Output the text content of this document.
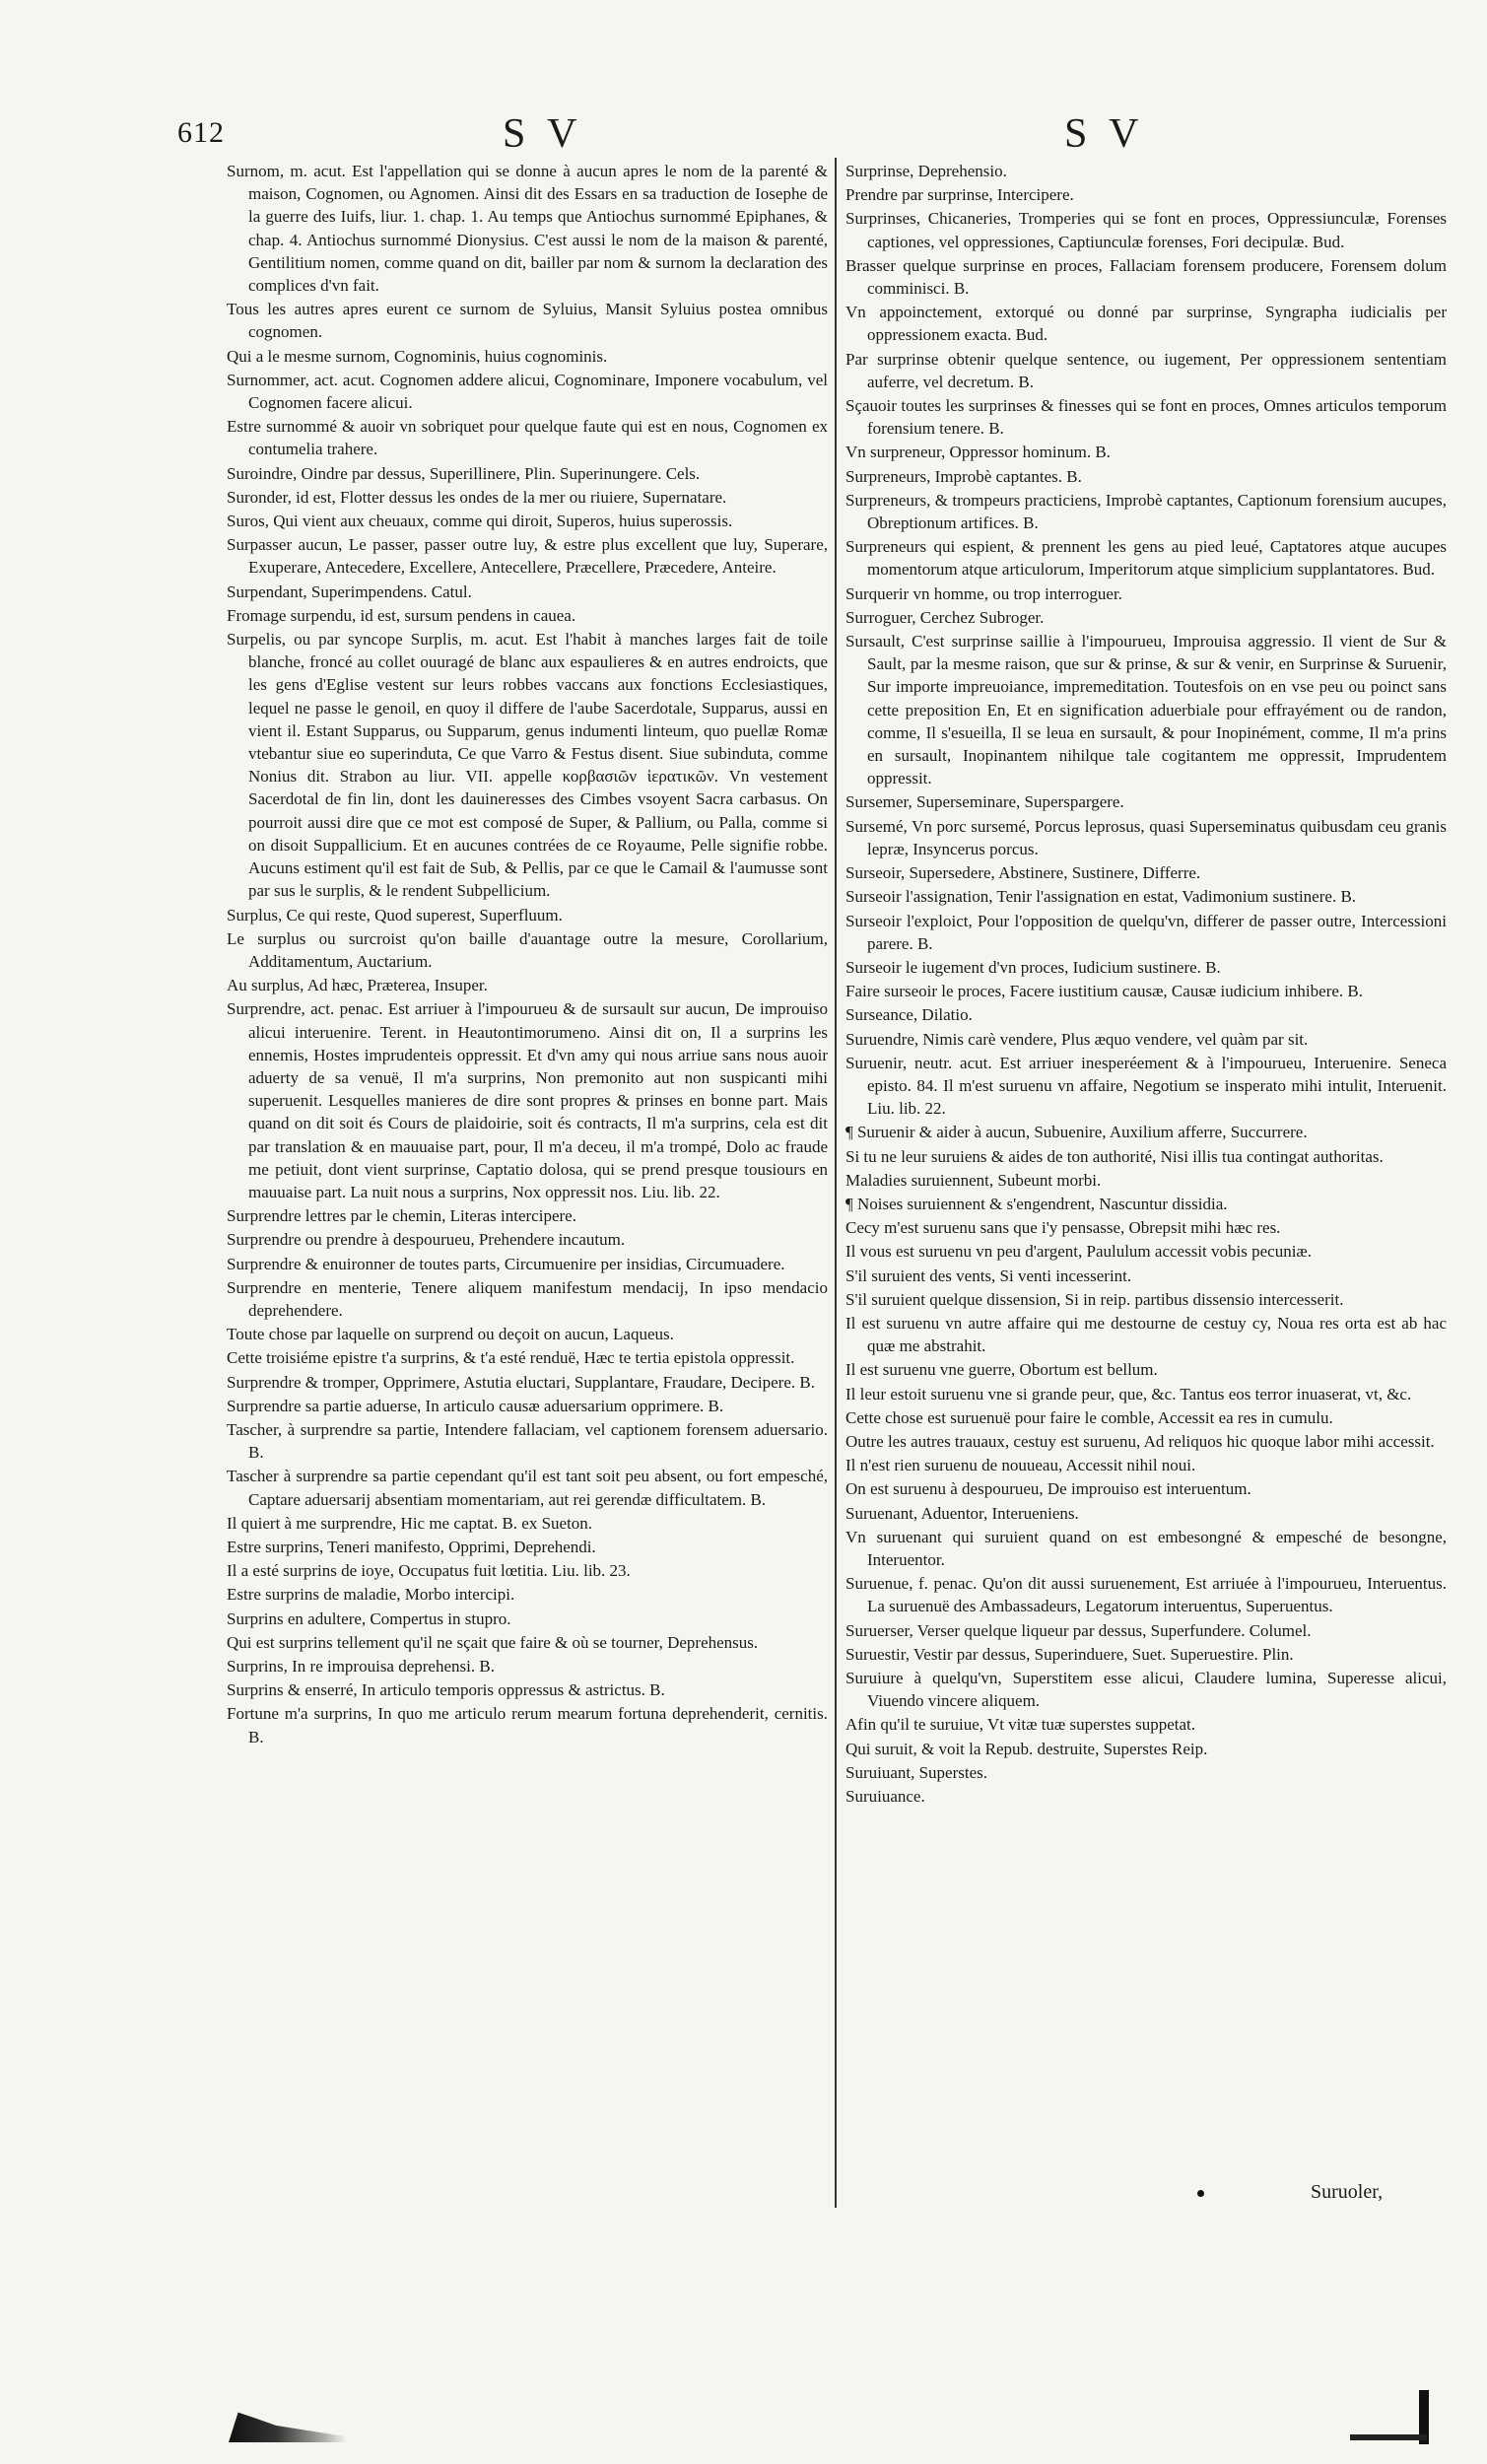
612	S V	S V

Surnom, m. acut. Est l'appellation qui se donne à aucun apres le nom de la parenté & maison, Cognomen, ou Agnomen. Ainsi dit des Essars en sa traduction de Iosephe de la guerre des Iuifs, liur. 1. chap. 1. Au temps que Antiochus surnommé Epiphanes, & chap. 4. Antiochus surnommé Dionysius. C'est aussi le nom de la maison & parenté, Gentilitium nomen, comme quand on dit, bailler par nom & surnom la declaration des complices d'vn fait.

Tous les autres apres eurent ce surnom de Syluius, Mansit Syluius postea omnibus cognomen.

Qui a le mesme surnom, Cognominis, huius cognominis.

Surnommer, act. acut. Cognomen addere alicui, Cognominare, Imponere vocabulum, vel Cognomen facere alicui.

Estre surnommé & auoir vn sobriquet pour quelque faute qui est en nous, Cognomen ex contumelia trahere.

Suroindre, Oindre par dessus, Superillinere, Plin. Superinungere. Cels.

Suronder, id est, Flotter dessus les ondes de la mer ou riuiere, Supernatare.

Suros, Qui vient aux cheuaux, comme qui diroit, Superos, huius superossis.

Surpasser aucun, Le passer, passer outre luy, & estre plus excellent que luy, Superare, Exuperare, Antecedere, Excellere, Antecellere, Præcellere, Præcedere, Anteire.

Surpendant, Superimpendens. Catul.

Fromage surpendu, id est, sursum pendens in cauea.

Surpelis, ou par syncope Surplis, m. acut. Est l'habit à manches larges fait de toile blanche, froncé au collet ouuragé de blanc aux espaulieres & en autres endroicts, que les gens d'Eglise vestent sur leurs robbes vaccans aux fonctions Ecclesiastiques, lequel ne passe le genoil, en quoy il differe de l'aube Sacerdotale, Supparus, aussi en vient il. Estant Supparus, ou Supparum, genus indumenti linteum, quo puellæ Romæ vtebantur siue eo superinduta, Ce que Varro & Festus disent. Siue subinduta, comme Nonius dit. Strabon au liur. VII. appelle κορβασιῶν ἱερατικῶν. Vn vestement Sacerdotal de fin lin, dont les dauineresses des Cimbes vsoyent Sacra carbasus. On pourroit aussi dire que ce mot est composé de Super, & Pallium, ou Palla, comme si on disoit Suppallicium. Et en aucunes contrées de ce Royaume, Pelle signifie robbe. Aucuns estiment qu'il est fait de Sub, & Pellis, par ce que le Camail & l'aumusse sont par sus le surplis, & le rendent Subpellicium.

Surplus, Ce qui reste, Quod superest, Superfluum.

Le surplus ou surcroist qu'on baille d'auantage outre la mesure, Corollarium, Additamentum, Auctarium.

Au surplus, Ad hæc, Præterea, Insuper.

Surprendre, act. penac. Est arriuer à l'impourueu & de sursault sur aucun, De improuiso alicui interuenire. Terent. in Heautontimorumeno. Ainsi dit on, Il a surprins les ennemis, Hostes imprudenteis oppressit. Et d'vn amy qui nous arriue sans nous auoir aduerty de sa venuë, Il m'a surprins, Non premonito aut non suspicanti mihi superuenit. Lesquelles manieres de dire sont propres & prinses en bonne part. Mais quand on dit soit és Cours de plaidoirie, soit és contracts, Il m'a surprins, cela est dit par translation & en mauuaise part, pour, Il m'a deceu, il m'a trompé, Dolo ac fraude me petiuit, dont vient surprinse, Captatio dolosa, qui se prend presque tousiours en mauuaise part. La nuit nous a surprins, Nox oppressit nos. Liu. lib. 22.

Surprendre lettres par le chemin, Literas intercipere.

Surprendre ou prendre à despourueu, Prehendere incautum.

Surprendre & enuironner de toutes parts, Circumuenire per insidias, Circumuadere.

Surprendre en menterie, Tenere aliquem manifestum mendacij, In ipso mendacio deprehendere.

Toute chose par laquelle on surprend ou deçoit on aucun, Laqueus.

Cette troisiéme epistre t'a surprins, & t'a esté renduë, Hæc te tertia epistola oppressit.

Surprendre & tromper, Opprimere, Astutia eluctari, Supplantare, Fraudare, Decipere. B.

Surprendre sa partie aduerse, In articulo causæ aduersarium opprimere. B.

Tascher, à surprendre sa partie, Intendere fallaciam, vel captionem forensem aduersario. B.

Tascher à surprendre sa partie cependant qu'il est tant soit peu absent, ou fort empesché, Captare aduersarij absentiam momentariam, aut rei gerendæ difficultatem. B.

Il quiert à me surprendre, Hic me captat. B. ex Sueton.

Estre surprins, Teneri manifesto, Opprimi, Deprehendi.

Il a esté surprins de ioye, Occupatus fuit lœtitia. Liu. lib. 23.

Estre surprins de maladie, Morbo intercipi.

Surprins en adultere, Compertus in stupro.

Qui est surprins tellement qu'il ne sçait que faire & où se tourner, Deprehensus.

Surprins, In re improuisa deprehensi. B.

Surprins & enserré, In articulo temporis oppressus & astrictus. B.

Fortune m'a surprins, In quo me articulo rerum mearum fortuna deprehenderit, cernitis. B.

Surprinse, Deprehensio.

Prendre par surprinse, Intercipere.

Surprinses, Chicaneries, Tromperies qui se font en proces, Oppressiunculæ, Forenses captiones, vel oppressiones, Captiunculæ forenses, Fori decipulæ. Bud.

Brasser quelque surprinse en proces, Fallaciam forensem producere, Forensem dolum comminisci. B.

Vn appoinctement, extorqué ou donné par surprinse, Syngrapha iudicialis per oppressionem exacta. Bud.

Par surprinse obtenir quelque sentence, ou iugement, Per oppressionem sententiam auferre, vel decretum. B.

Sçauoir toutes les surprinses & finesses qui se font en proces, Omnes articulos temporum forensium tenere. B.

Vn surpreneur, Oppressor hominum. B.

Surpreneurs, Improbè captantes. B.

Surpreneurs, & trompeurs practiciens, Improbè captantes, Captionum forensium aucupes, Obreptionum artifices. B.

Surpreneurs qui espient, & prennent les gens au pied leué, Captatores atque aucupes momentorum atque articulorum, Imperitorum atque simplicium supplantatores. Bud.

Surquerir vn homme, ou trop interroguer.

Surroguer, Cerchez Subroger.

Sursault, C'est surprinse saillie à l'impourueu, Improuisa aggressio. Il vient de Sur & Sault, par la mesme raison, que sur & prinse, & sur & venir, en Surprinse & Suruenir, Sur importe impreuoiance, impremeditation. Toutesfois on en vse peu ou poinct sans cette preposition En, Et en signification aduerbiale pour effrayément ou de randon, comme, Il s'esueilla, Il se leua en sursault, & pour Inopinément, comme, Il m'a prins en sursault, Inopinantem nihilque tale cogitantem me oppressit, Imprudentem oppressit.

Sursemer, Superseminare, Superspargere.

Sursemé, Vn porc sursemé, Porcus leprosus, quasi Superseminatus quibusdam ceu granis lepræ, Insyncerus porcus.

Surseoir, Supersedere, Abstinere, Sustinere, Differre.

Surseoir l'assignation, Tenir l'assignation en estat, Vadimonium sustinere. B.

Surseoir l'exploict, Pour l'opposition de quelqu'vn, differer de passer outre, Intercessioni parere. B.

Surseoir le iugement d'vn proces, Iudicium sustinere. B.

Faire surseoir le proces, Facere iustitium causæ, Causæ iudicium inhibere. B.

Surseance, Dilatio.

Suruendre, Nimis carè vendere, Plus æquo vendere, vel quàm par sit.

Suruenir, neutr. acut. Est arriuer inesperéement & à l'impourueu, Interuenire. Seneca episto. 84. Il m'est suruenu vn affaire, Negotium se insperato mihi intulit, Interuenit. Liu. lib. 22.

¶ Suruenir & aider à aucun, Subuenire, Auxilium afferre, Succurrere.

Si tu ne leur suruiens & aides de ton authorité, Nisi illis tua contingat authoritas.

Maladies suruiennent, Subeunt morbi.

¶ Noises suruiennent & s'engendrent, Nascuntur dissidia.

Cecy m'est suruenu sans que i'y pensasse, Obrepsit mihi hæc res.

Il vous est suruenu vn peu d'argent, Paululum accessit vobis pecuniæ.

S'il suruient des vents, Si venti incesserint.

S'il suruient quelque dissension, Si in reip. partibus dissensio intercesserit.

Il est suruenu vn autre affaire qui me destourne de cestuy cy, Noua res orta est ab hac quæ me abstrahit.

Il est suruenu vne guerre, Obortum est bellum.

Il leur estoit suruenu vne si grande peur, que, &c. Tantus eos terror inuaserat, vt, &c.

Cette chose est suruenuë pour faire le comble, Accessit ea res in cumulu.

Outre les autres trauaux, cestuy est suruenu, Ad reliquos hic quoque labor mihi accessit.

Il n'est rien suruenu de nouueau, Accessit nihil noui.

On est suruenu à despourueu, De improuiso est interuentum.

Suruenant, Aduentor, Interueniens.

Vn suruenant qui suruient quand on est embesongné & empesché de besongne, Interuentor.

Suruenue, f. penac. Qu'on dit aussi suruenement, Est arriuée à l'impourueu, Interuentus. La suruenuë des Ambassadeurs, Legatorum interuentus, Superuentus.

Suruerser, Verser quelque liqueur par dessus, Superfundere. Columel.

Suruestir, Vestir par dessus, Superinduere, Suet. Superuestire. Plin.

Suruiure à quelqu'vn, Superstitem esse alicui, Claudere lumina, Superesse alicui, Viuendo vincere aliquem.

Afin qu'il te suruiue, Vt vitæ tuæ superstes suppetat.

Qui suruit, & voit la Repub. destruite, Superstes Reip.

Suruiuant, Superstes.

Suruiuance.

Suruoler,
